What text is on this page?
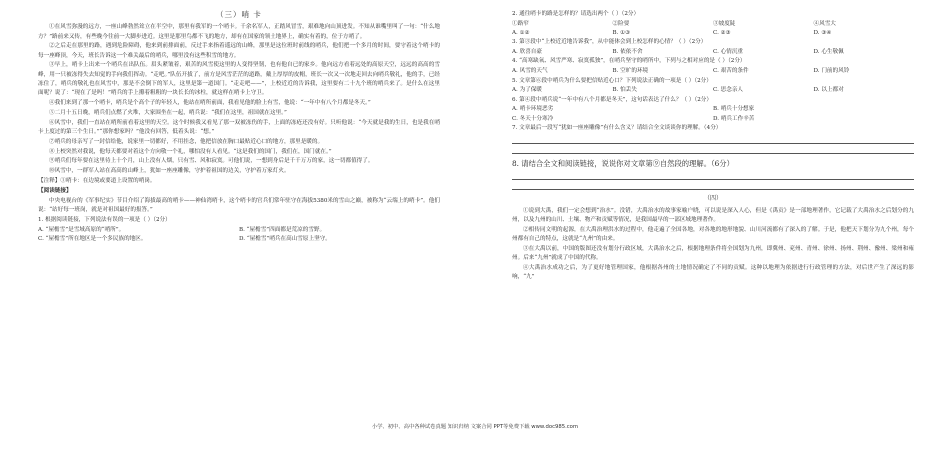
（三）哨 卡

①在风雪弥漫的远方，一座山峰勃然耸立在半空中，那里有我军的一个哨卡。千余名军人，正踏风冒雪，艰难地向山顶进发。不知从谁嘴里叫了一句：“什么地方？”路前来又传，有些晚今往前一大脚步进近。这里是那里鸟都不飞的地方，却有在国家的领土地界上，确实有着的，位于方哨了。

②之后走在那里的路，遇到危险障碍，他来到前排面前，反过手来指着遥远的山峰，那里是这位班时前线的哨兵，他们把一个多月的时间，要守着这个哨卡的每一座峰顶，今天，班长告诉这一个难关最后的哨兵，哪里没有这些积雪的地方。

③早上，哨卡上出来一个哨兵在出队伍。眉头紧皱着，艰苦的风雪使这里的人变得坚韧，也有他自已的家乡。他向远方看着远处的高原天空，远远的高高的雪峰，用一只被冻得失去知觉的手向我们挥动。“走吧。”队伍开拔了，前方是风雪茫茫的道路，戴上厚厚的皮帽，班长一次又一次地走回去向哨兵敬礼，他的手，已经冻住了，哨兵的敬礼也在风雪中，那是不会倒下的军人，这里是第一道国门。“走走吧——”，上校近近的告诉我，这里要有二十九个班的哨兵来了。是什么在这里面呢？说了：“现在了是吗！”哨兵的手上攥着粗粗的一块长长的冰柱，就这样在哨卡上守卫。

④我们来到了那一个哨卡，哨兵是个高个子的年轻人，他站在哨所前面，我看见他的脸上有雪，他说：“一年中有八个月都是冬天。”

⑤二月十五日晚，哨兵们点燃了火堆，大家围坐在一起，哨兵说：“我们在这里，祖国就在这里。”

⑥风雪中，我们一直站在哨所前看着这里的天空。这个时候我又看见了那一双被冻伤的手，上面的冻疮还没有好。只听他说：“今天就是我的生日，也是我在哨卡上度过的第三个生日。”“那你想家吗？”他没有回答，低着头说：“想。”

⑦哨兵的母亲写了一封信给他，说家里一切都好，不用挂念，他把信放在胸口最贴近心口的地方，那里是暖的。

⑧上校突然对我说，他每天都要对着这个方向敬一个礼，哪怕没有人看见。“这是我们的国门，我们在，国门就在。”

⑨哨兵们每年要在这里待上十个月，山上没有人烟，只有雪、风和寂寞。可他们说，一想到身后是千千万万的家，这一切都值得了。

⑩风雪中，一群军人站在高高的山峰上，犹如一座座雕像，守护着祖国的边关，守护着万家灯火。

【注释】①哨卡：在边境或要道上设置的哨岗。

【阅读链接】

中央电视台的《军事纪实》节目介绍了海拔最高的哨卡——神仙湾哨卡，这个哨卡的官兵们常年驻守在海拔5380米的雪山之巅，被称为“云端上的哨卡”。他们说：“站好每一班岗，就是对祖国最好的报答。”

1. 根据阅读链接，下列说法有误的一项是（ ）（2分）

A. “屋檐雪”是雪域高原的“哨所”。	B. “屋檐雪”四面都是荒凉的雪野。
C. “屋檐雪”所在地区是一个多民族的地区。	D. “屋檐雪”哨兵在高山雪原上坚守。

2. 通往哨卡的路是怎样的？请选出两个（ ）（2分）

①路窄	②险要	③坡度陡	④风雪大
A. ①②	B. ①③	C. ②③	D. ③④

3. 第③段中“上校近近地告诉我”，从中能体会到上校怎样的心情？（ ）（2分）

A. 欣喜自豪	B. 依依不舍	C. 心情沉重	D. 心生敬佩

4. “高寒缺氧、风雪严寒、寂寞孤独”，在哨兵坚守的哨所中，下列与之相对应的是（ ）（2分）

A. 风雪的天气	B. 空旷的环境	C. 艰苦的条件	D. 门前的风铃

5. 文章第⑥段中哨兵为什么要把信贴近心口？下列说法正确的一项是（ ）（2分）

A. 为了保暖	B. 怕丢失	C. 思念亲人	D. 以上都对

6. 第④段中哨兵说“一年中有八个月都是冬天”，这句话表达了什么？（ ）（2分）

A. 哨卡环境恶劣	B. 哨兵十分想家
C. 冬天十分寒冷	D. 哨兵工作辛苦

7. 文章最后一段写“犹如一座座雕像”有什么含义？请结合全文谈谈你的理解。（4分）

8. 请结合全文和阅读链接，说说你对文章第⑨自然段的理解。（6分）

（四）

①说到大禹，我们一定会想到“治水”。没错，大禹治水的故事家喻户晓，可以说是深入人心，但是《禹贡》是一部地理著作，它记载了大禹治水之后划分的九州，以及九州的山川、土壤、物产和贡赋等情况，是我国最早的一部区域地理著作。

②相传同文明的起源，在大禹治理洪水的过程中，他走遍了全国各地，对各地的地形地貌、山川河流都有了深入的了解。于是，他把天下划分为九个州，每个州都有自己的特点，这就是“九州”的由来。

③在大禹以前，中国的版图还没有划分行政区域，大禹治水之后，根据地理条件将全国划为九州，即冀州、兖州、青州、徐州、扬州、荆州、豫州、梁州和雍州。后来“九州”就成了中国的代称。

④大禹治水成功之后，为了更好地管理国家，他根据各州的土地情况确定了不同的贡赋。这种以地理为依据进行行政管理的方法，对后世产生了深远的影响，“九”

小学、初中、高中各种试卷真题 知识归纳 文案合同 PPT等免费下载 www.doc985.com
